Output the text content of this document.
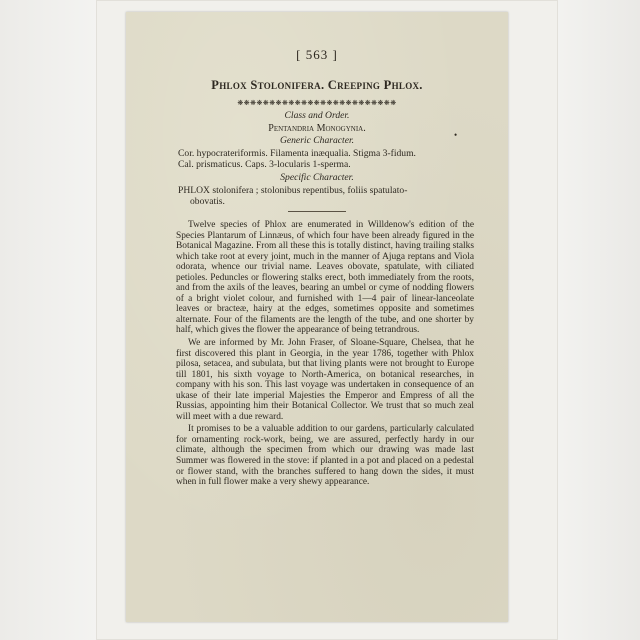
[ 563 ]
Phlox Stolonifera. Creeping Phlox.
❋❋❋❋❋❋❋❋❋❋❋❋❋❋❋❋❋❋❋❋❋❋❋❋❋
Class and Order.
Pentandria Monogynia.
•
Generic Character.
Cor. hypocrateriformis. Filamenta inæqualia. Stigma 3-fidum.
Cal. prismaticus. Caps. 3-locularis 1-sperma.
Specific Character.
PHLOX stolonifera ; stolonibus repentibus, foliis spatulato-
obovatis.

Twelve species of Phlox are enumerated in Willdenow's edition of the Species Plantarum of Linnæus, of which four have been already figured in the Botanical Magazine. From all these this is totally distinct, having trailing stalks which take root at every joint, much in the manner of Ajuga reptans and Viola odorata, whence our trivial name. Leaves obovate, spatulate, with ciliated petioles. Peduncles or flowering stalks erect, both immediately from the roots, and from the axils of the leaves, bearing an umbel or cyme of nodding flowers of a bright violet colour, and furnished with 1—4 pair of linear-lanceolate leaves or bracteæ, hairy at the edges, sometimes opposite and sometimes alternate. Four of the filaments are the length of the tube, and one shorter by half, which gives the flower the appearance of being tetrandrous.

We are informed by Mr. John Fraser, of Sloane-Square, Chelsea, that he first discovered this plant in Georgia, in the year 1786, together with Phlox pilosa, setacea, and subulata, but that living plants were not brought to Europe till 1801, his sixth voyage to North-America, on botanical researches, in company with his son. This last voyage was undertaken in consequence of an ukase of their late imperial Majesties the Emperor and Empress of all the Russias, appointing him their Botanical Collector. We trust that so much zeal will meet with a due reward.

It promises to be a valuable addition to our gardens, particularly calculated for ornamenting rock-work, being, we are assured, perfectly hardy in our climate, although the specimen from which our drawing was made last Summer was flowered in the stove: if planted in a pot and placed on a pedestal or flower stand, with the branches suffered to hang down the sides, it must when in full flower make a very shewy appearance.
